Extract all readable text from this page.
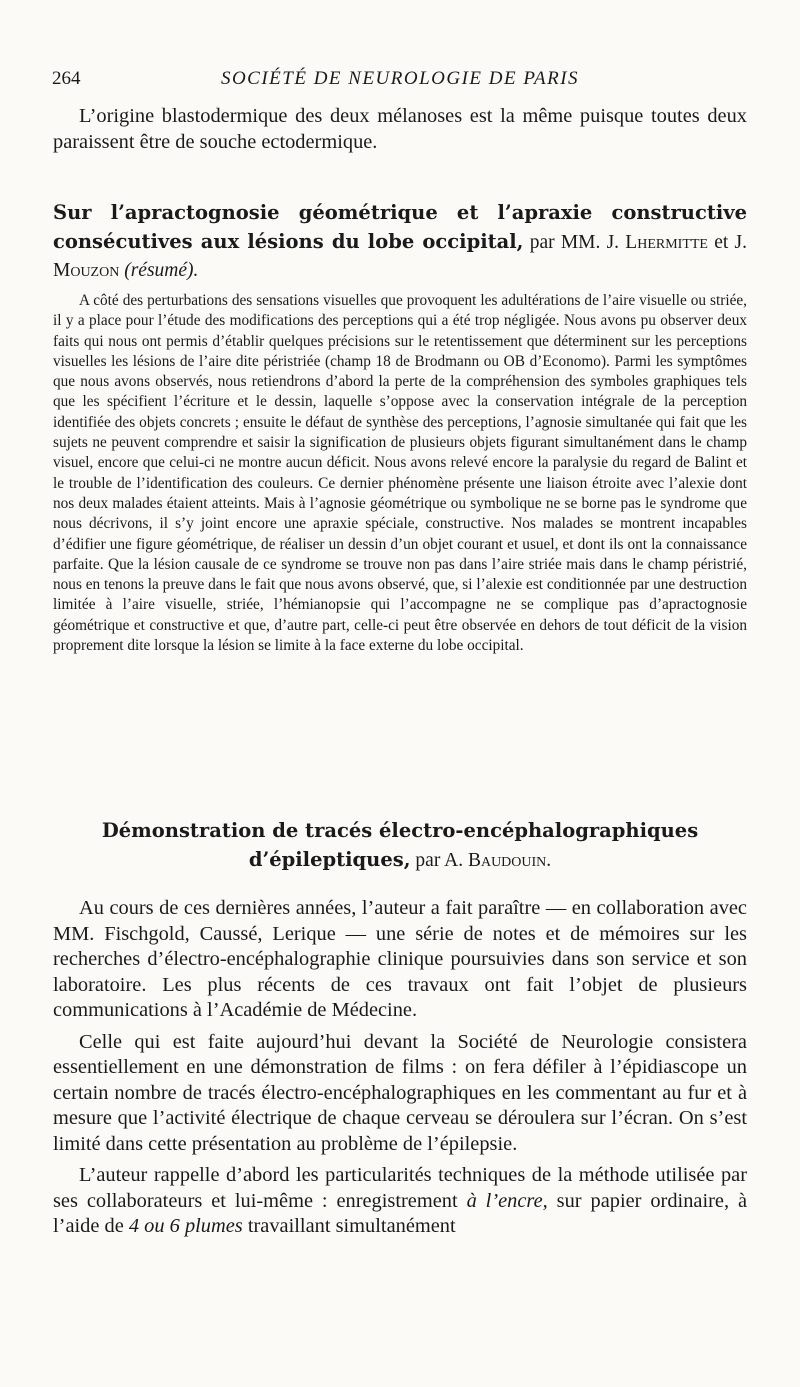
264	SOCIÉTÉ DE NEUROLOGIE DE PARIS

L’origine blastodermique des deux mélanoses est la même puisque toutes deux paraissent être de souche ectodermique.

Sur l’apractognosie géométrique et l’apraxie constructive consécutives aux lésions du lobe occipital, par MM. J. Lhermitte et J. Mouzon (résumé).

A côté des perturbations des sensations visuelles que provoquent les adultérations de l’aire visuelle ou striée, il y a place pour l’étude des modifications des perceptions qui a été trop négligée. Nous avons pu observer deux faits qui nous ont permis d’établir quelques précisions sur le retentissement que déterminent sur les perceptions visuelles les lésions de l’aire dite péristriée (champ 18 de Brodmann ou OB d’Economo). Parmi les symptômes que nous avons observés, nous retiendrons d’abord la perte de la compréhension des symboles graphiques tels que les spécifient l’écriture et le dessin, laquelle s’oppose avec la conservation intégrale de la perception identifiée des objets concrets ; ensuite le défaut de synthèse des perceptions, l’agnosie simultanée qui fait que les sujets ne peuvent comprendre et saisir la signification de plusieurs objets figurant simultanément dans le champ visuel, encore que celui-ci ne montre aucun déficit. Nous avons relevé encore la paralysie du regard de Balint et le trouble de l’identification des couleurs. Ce dernier phénomène présente une liaison étroite avec l’alexie dont nos deux malades étaient atteints. Mais à l’agnosie géométrique ou symbolique ne se borne pas le syndrome que nous décrivons, il s’y joint encore une apraxie spéciale, constructive. Nos malades se montrent incapables d’édifier une figure géométrique, de réaliser un dessin d’un objet courant et usuel, et dont ils ont la connaissance parfaite. Que la lésion causale de ce syndrome se trouve non pas dans l’aire striée mais dans le champ péristrié, nous en tenons la preuve dans le fait que nous avons observé, que, si l’alexie est conditionnée par une destruction limitée à l’aire visuelle, striée, l’hémianopsie qui l’accompagne ne se complique pas d’apractognosie géométrique et constructive et que, d’autre part, celle-ci peut être observée en dehors de tout déficit de la vision proprement dite lorsque la lésion se limite à la face externe du lobe occipital.

Démonstration de tracés électro-encéphalographiques
d’épileptiques, par A. Baudouin.

Au cours de ces dernières années, l’auteur a fait paraître — en collaboration avec MM. Fischgold, Caussé, Lerique — une série de notes et de mémoires sur les recherches d’électro-encéphalographie clinique poursuivies dans son service et son laboratoire. Les plus récents de ces travaux ont fait l’objet de plusieurs communications à l’Académie de Médecine.

Celle qui est faite aujourd’hui devant la Société de Neurologie consistera essentiellement en une démonstration de films : on fera défiler à l’épidiascope un certain nombre de tracés électro-encéphalographiques en les commentant au fur et à mesure que l’activité électrique de chaque cerveau se déroulera sur l’écran. On s’est limité dans cette présentation au problème de l’épilepsie.

L’auteur rappelle d’abord les particularités techniques de la méthode utilisée par ses collaborateurs et lui-même : enregistrement à l’encre, sur papier ordinaire, à l’aide de 4 ou 6 plumes travaillant simultanément
